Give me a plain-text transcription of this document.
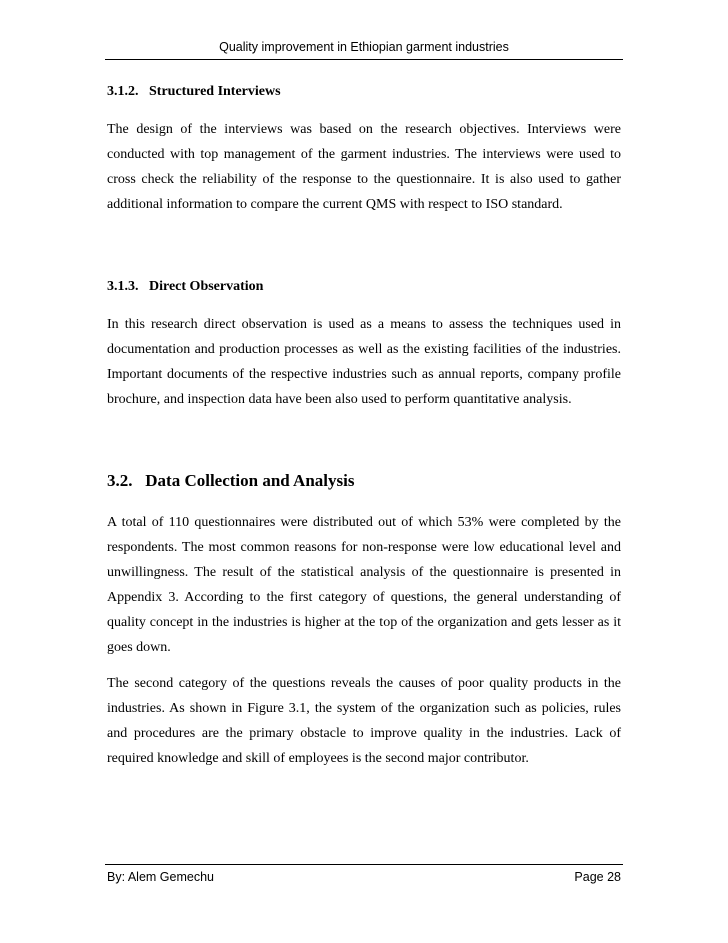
Quality improvement in Ethiopian garment industries

3.1.2.   Structured Interviews

The design of the interviews was based on the research objectives. Interviews were conducted with top management of the garment industries. The interviews were used to cross check the reliability of the response to the questionnaire. It is also used to gather additional information to compare the current QMS with respect to ISO standard.

3.1.3.   Direct Observation

In this research direct observation is used as a means to assess the techniques used in documentation and production processes as well as the existing facilities of the industries. Important documents of the respective industries such as annual reports, company profile brochure, and inspection data have been also used to perform quantitative analysis.

3.2.   Data Collection and Analysis

A total of 110 questionnaires were distributed out of which 53% were completed by the respondents. The most common reasons for non-response were low educational level and unwillingness. The result of the statistical analysis of the questionnaire is presented in Appendix 3. According to the first category of questions, the general understanding of quality concept in the industries is higher at the top of the organization and gets lesser as it goes down.

The second category of the questions reveals the causes of poor quality products in the industries. As shown in Figure 3.1, the system of the organization such as policies, rules and procedures are the primary obstacle to improve quality in the industries. Lack of required knowledge and skill of employees is the second major contributor.

By: Alem Gemechu	Page 28
